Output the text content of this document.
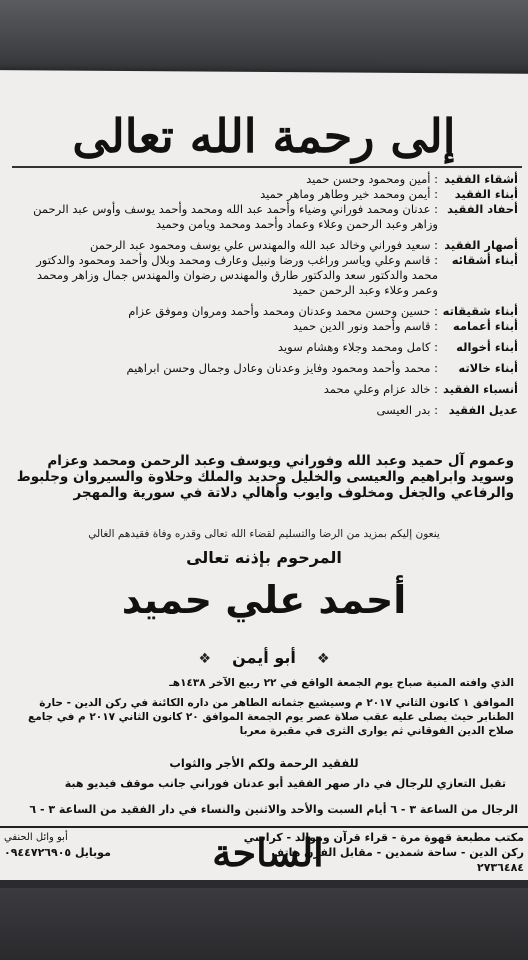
إلى رحمة الله تعالى
أشقاء الفقيد
: أمين ومحمود وحسن حميد
أبناء الفقيد
: أيمن ومحمد خير وطاهر وماهر حميد
أحفاد الفقيد
: عدنان ومحمد فوراني وضياء وأحمد عبد الله ومحمد وأحمد يوسف وأوس عبد الرحمن وزاهر وعبد الرحمن وعلاء وعماد وأحمد ومحمد ويامن وحميد
أصهار الفقيد
: سعيد فوراني وخالد عبد الله والمهندس علي يوسف ومحمود عبد الرحمن
أبناء أشقائه
: قاسم وعلي وياسر وراغب ورضا ونبيل وعارف ومحمد وبلال وأحمد ومحمود والدكتور محمد والدكتور سعد والدكتور طارق والمهندس رضوان والمهندس جمال وزاهر ومحمد وعمر وعلاء وعبد الرحمن حميد
أبناء شقيقاته
: حسين وحسن محمد وعدنان ومحمد وأحمد ومروان وموفق عزام
أبناء أعمامه
: قاسم وأحمد ونور الدين حميد
أبناء أخواله
: كامل ومحمد وجلاء وهشام سويد
أبناء خالاته
: محمد وأحمد ومحمود وفايز وعدنان وعادل وجمال وحسن ابراهيم
أنسباء الفقيد
: خالد عزام وعلي محمد
عديل الفقيد
: بدر العيسى
وعموم آل حميد وعبد الله وفوراني ويوسف وعبد الرحمن ومحمد وعزام وسويد وابراهيم والعيسى والخليل وحديد والملك وحلاوة والسيروان وجلبوط والرفاعي والجغل ومخلوف وايوب وأهالي دلاتة في سورية والمهجر
ينعون إليكم بمزيد من الرضا والتسليم لقضاء الله تعالى وقدره وفاة فقيدهم الغالي
المرحوم بإذنه تعالى
أحمد علي حميد
❖ أبو أيمن ❖
الذي وافته المنية صباح يوم الجمعة الواقع في ٢٢ ربيع الآخر ١٤٣٨هـ
الموافق ١ كانون الثاني ٢٠١٧ م وسيشيع جثمانه الطاهر من داره الكائنة في ركن الدين - حارة الطنابر حيث يصلى عليه عقب صلاة عصر يوم الجمعة الموافق ٢٠ كانون الثاني ٢٠١٧ م في جامع صلاح الدين الفوقاني ثم يوارى الثرى في مقبرة معربا
للفقيد الرحمة ولكم الأجر والثواب
تقبل التعازي للرجال في دار صهر الفقيد أبو عدنان فوراني جانب موقف فيديو هبة
الرجال من الساعة ٣ - ٦ أيام السبت والأحد والاثنين والنساء في دار الفقيد من الساعة ٣ - ٦
مكتب مطبعة قهوة مرة - قراء قرآن وموالد - كراسي
ركن الدين - ساحة شمدين - مقابل الفرن هاتف ٢٧٣٦٤٨٤
الساحة
أبو وائل الحنفي
موبايل ٠٩٤٤٧٢٦٩٠٥
